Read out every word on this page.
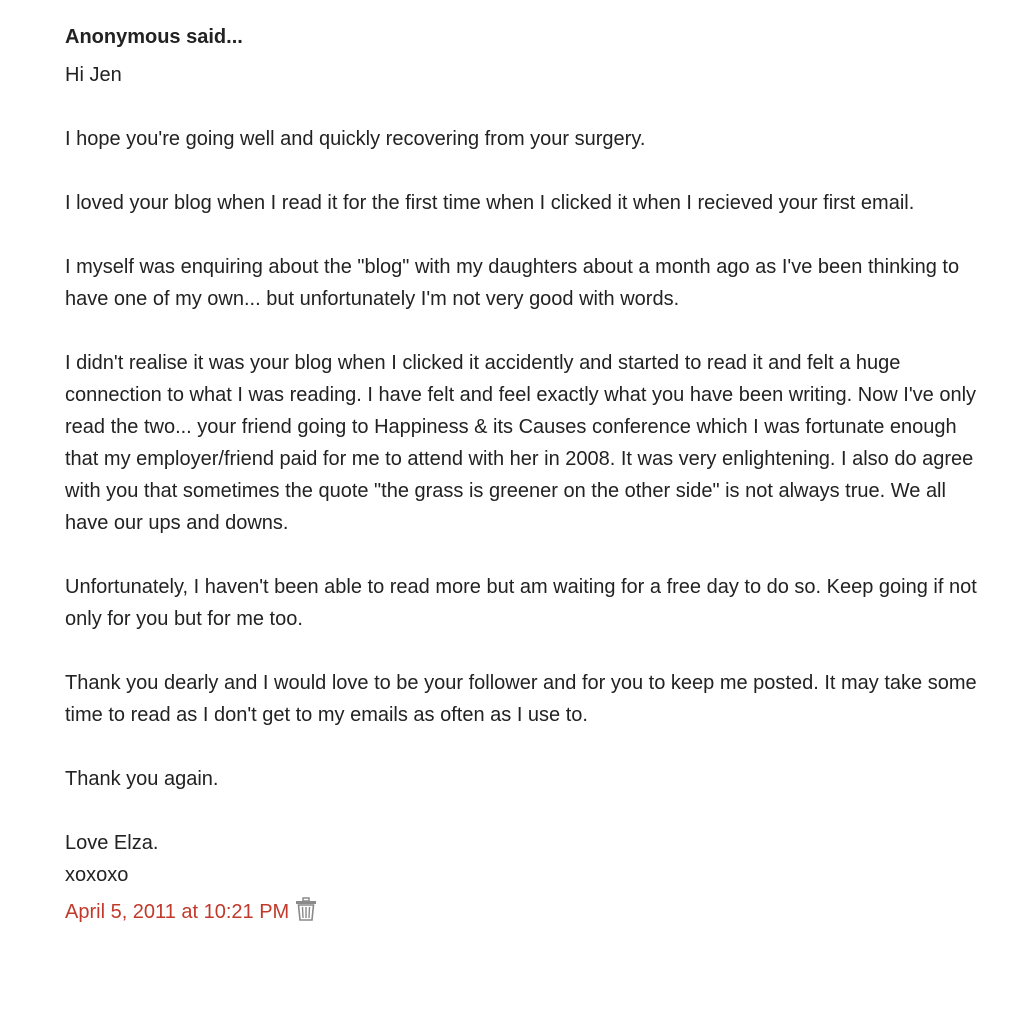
Anonymous said...

Hi Jen

I hope you're going well and quickly recovering from your surgery.

I loved your blog when I read it for the first time when I clicked it when I recieved your first email.

I myself was enquiring about the "blog" with my daughters about a month ago as I've been thinking to have one of my own... but unfortunately I'm not very good with words.

I didn't realise it was your blog when I clicked it accidently and started to read it and felt a huge connection to what I was reading. I have felt and feel exactly what you have been writing. Now I've only read the two... your friend going to Happiness & its Causes conference which I was fortunate enough that my employer/friend paid for me to attend with her in 2008. It was very enlightening. I also do agree with you that sometimes the quote "the grass is greener on the other side" is not always true. We all have our ups and downs.

Unfortunately, I haven't been able to read more but am waiting for a free day to do so. Keep going if not only for you but for me too.

Thank you dearly and I would love to be your follower and for you to keep me posted. It may take some time to read as I don't get to my emails as often as I use to.

Thank you again.

Love Elza.

xoxoxo

April 5, 2011 at 10:21 PM
